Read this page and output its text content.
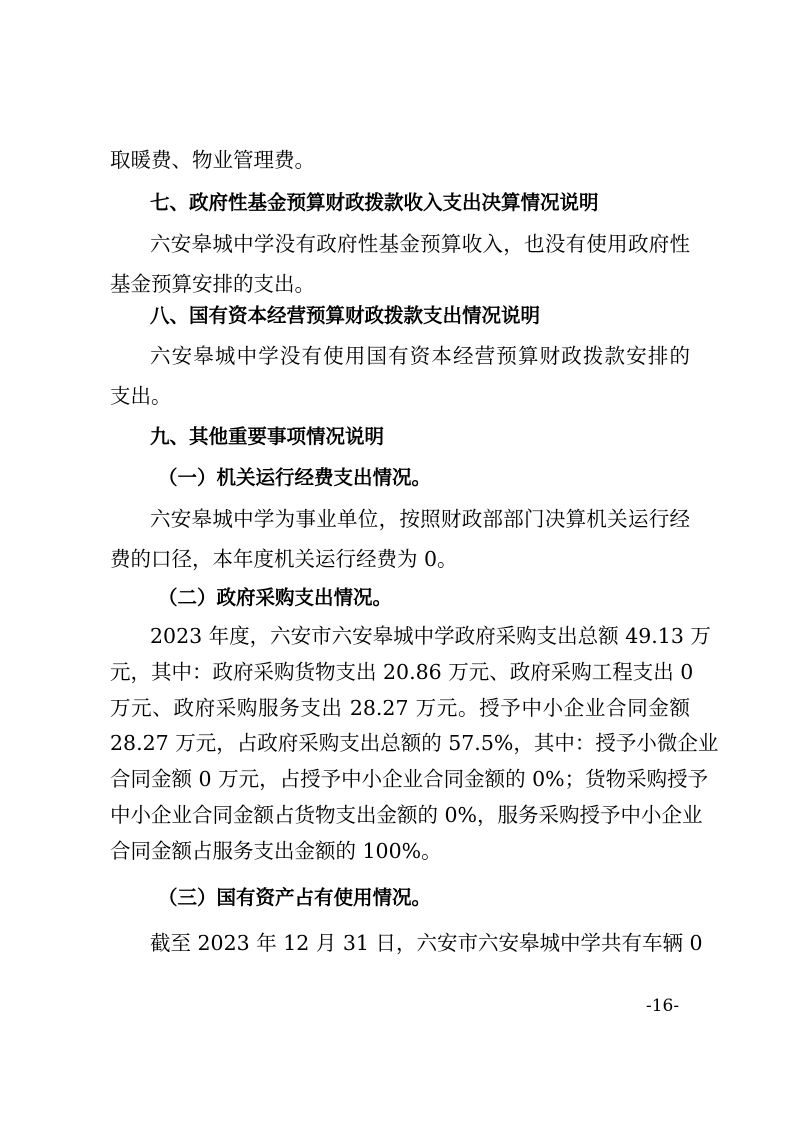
取暖费、物业管理费。
七、政府性基金预算财政拨款收入支出决算情况说明
六安皋城中学没有政府性基金预算收入，也没有使用政府性
基金预算安排的支出。
八、国有资本经营预算财政拨款支出情况说明
六安皋城中学没有使用国有资本经营预算财政拨款安排的
支出。
九、其他重要事项情况说明
（一）机关运行经费支出情况。
六安皋城中学为事业单位，按照财政部部门决算机关运行经
费的口径，本年度机关运行经费为 0。
（二）政府采购支出情况。
2023 年度，六安市六安皋城中学政府采购支出总额 49.13 万
元，其中：政府采购货物支出 20.86 万元、政府采购工程支出 0
万元、政府采购服务支出 28.27 万元。授予中小企业合同金额
28.27 万元，占政府采购支出总额的 57.5%，其中：授予小微企业
合同金额 0 万元，占授予中小企业合同金额的 0%；货物采购授予
中小企业合同金额占货物支出金额的 0%，服务采购授予中小企业
合同金额占服务支出金额的 100%。
（三）国有资产占有使用情况。
截至 2023 年 12 月 31 日，六安市六安皋城中学共有车辆 0
-16-
